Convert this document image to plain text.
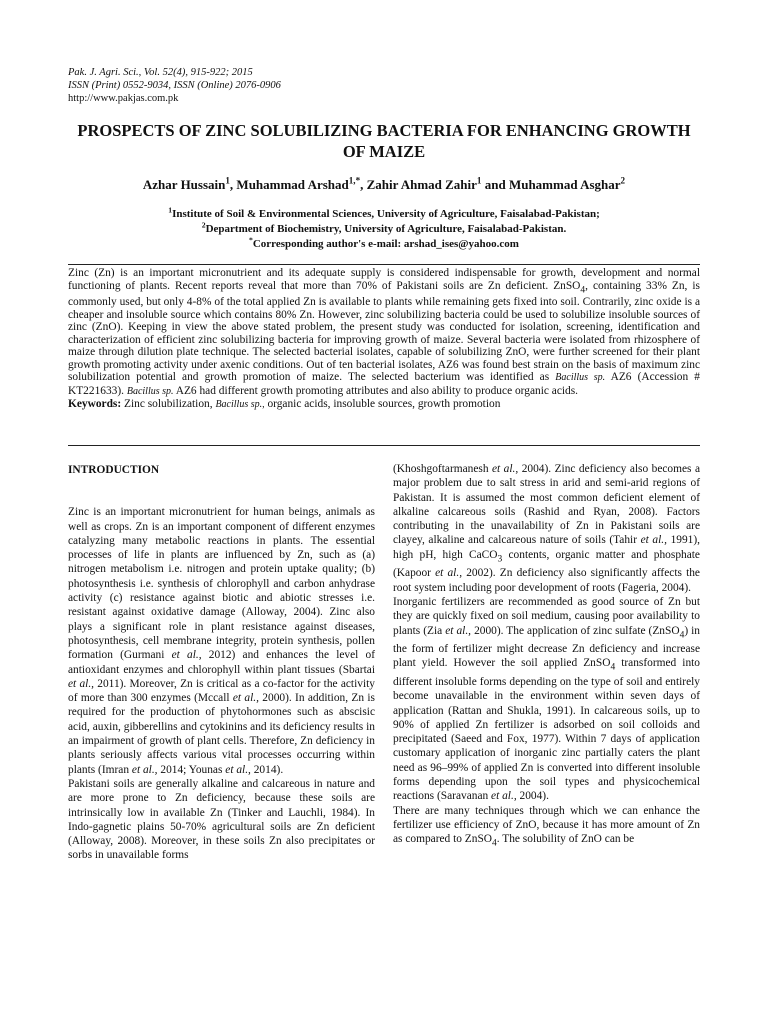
Pak. J. Agri. Sci., Vol. 52(4), 915-922; 2015
ISSN (Print) 0552-9034, ISSN (Online) 2076-0906
http://www.pakjas.com.pk
PROSPECTS OF ZINC SOLUBILIZING BACTERIA FOR ENHANCING GROWTH OF MAIZE
Azhar Hussain$^1$, Muhammad Arshad$^{1,*}$, Zahir Ahmad Zahir$^1$ and Muhammad Asghar$^2$
$^1$Institute of Soil & Environmental Sciences, University of Agriculture, Faisalabad-Pakistan;
$^2$Department of Biochemistry, University of Agriculture, Faisalabad-Pakistan.
*Corresponding author's e-mail: arshad_ises@yahoo.com
Zinc (Zn) is an important micronutrient and its adequate supply is considered indispensable for growth, development and normal functioning of plants. Recent reports reveal that more than 70% of Pakistani soils are Zn deficient. ZnSO$_4$, containing 33% Zn, is commonly used, but only 4-8% of the total applied Zn is available to plants while remaining gets fixed into soil. Contrarily, zinc oxide is a cheaper and insoluble source which contains 80% Zn. However, zinc solubilizing bacteria could be used to solubilize insoluble sources of zinc (ZnO). Keeping in view the above stated problem, the present study was conducted for isolation, screening, identification and characterization of efficient zinc solubilizing bacteria for improving growth of maize. Several bacteria were isolated from rhizosphere of maize through dilution plate technique. The selected bacterial isolates, capable of solubilizing ZnO, were further screened for their plant growth promoting activity under axenic conditions. Out of ten bacterial isolates, AZ6 was found best strain on the basis of maximum zinc solubilization potential and growth promotion of maize. The selected bacterium was identified as Bacillus sp. AZ6 (Accession # KT221633). Bacillus sp. AZ6 had different growth promoting attributes and also ability to produce organic acids.
Keywords: Zinc solubilization, Bacillus sp., organic acids, insoluble sources, growth promotion

INTRODUCTION

Zinc is an important micronutrient for human beings, animals as well as crops. Zn is an important component of different enzymes catalyzing many metabolic reactions in plants. The essential processes of life in plants are influenced by Zn, such as (a) nitrogen metabolism i.e. nitrogen and protein uptake quality; (b) photosynthesis i.e. synthesis of chlorophyll and carbon anhydrase activity (c) resistance against biotic and abiotic stresses i.e. resistant against oxidative damage (Alloway, 2004). Zinc also plays a significant role in plant resistance against diseases, photosynthesis, cell membrane integrity, protein synthesis, pollen formation (Gurmani et al., 2012) and enhances the level of antioxidant enzymes and chlorophyll within plant tissues (Sbartai et al., 2011). Moreover, Zn is critical as a co-factor for the activity of more than 300 enzymes (Mccall et al., 2000). In addition, Zn is required for the production of phytohormones such as abscisic acid, auxin, gibberellins and cytokinins and its deficiency results in an impairment of growth of plant cells. Therefore, Zn deficiency in plants seriously affects various vital processes occurring within plants (Imran et al., 2014; Younas et al., 2014).

Pakistani soils are generally alkaline and calcareous in nature and are more prone to Zn deficiency, because these soils are intrinsically low in available Zn (Tinker and Lauchli, 1984). In Indo-gagnetic plains 50-70% agricultural soils are Zn deficient (Alloway, 2008). Moreover, in these soils Zn also precipitates or sorbs in unavailable forms

(Khoshgoftarmanesh et al., 2004). Zinc deficiency also becomes a major problem due to salt stress in arid and semi-arid regions of Pakistan. It is assumed the most common deficient element of alkaline calcareous soils (Rashid and Ryan, 2008). Factors contributing in the unavailability of Zn in Pakistani soils are clayey, alkaline and calcareous nature of soils (Tahir et al., 1991), high pH, high CaCO$_3$ contents, organic matter and phosphate (Kapoor et al., 2002). Zn deficiency also significantly affects the root system including poor development of roots (Fageria, 2004).

Inorganic fertilizers are recommended as good source of Zn but they are quickly fixed on soil medium, causing poor availability to plants (Zia et al., 2000). The application of zinc sulfate (ZnSO$_4$) in the form of fertilizer might decrease Zn deficiency and increase plant yield. However the soil applied ZnSO$_4$ transformed into different insoluble forms depending on the type of soil and entirely become unavailable in the environment within seven days of application (Rattan and Shukla, 1991). In calcareous soils, up to 90% of applied Zn fertilizer is adsorbed on soil colloids and precipitated (Saeed and Fox, 1977). Within 7 days of application customary application of inorganic zinc partially caters the plant need as 96–99% of applied Zn is converted into different insoluble forms depending upon the soil types and physicochemical reactions (Saravanan et al., 2004).

There are many techniques through which we can enhance the fertilizer use efficiency of ZnO, because it has more amount of Zn as compared to ZnSO$_4$. The solubility of ZnO can be
